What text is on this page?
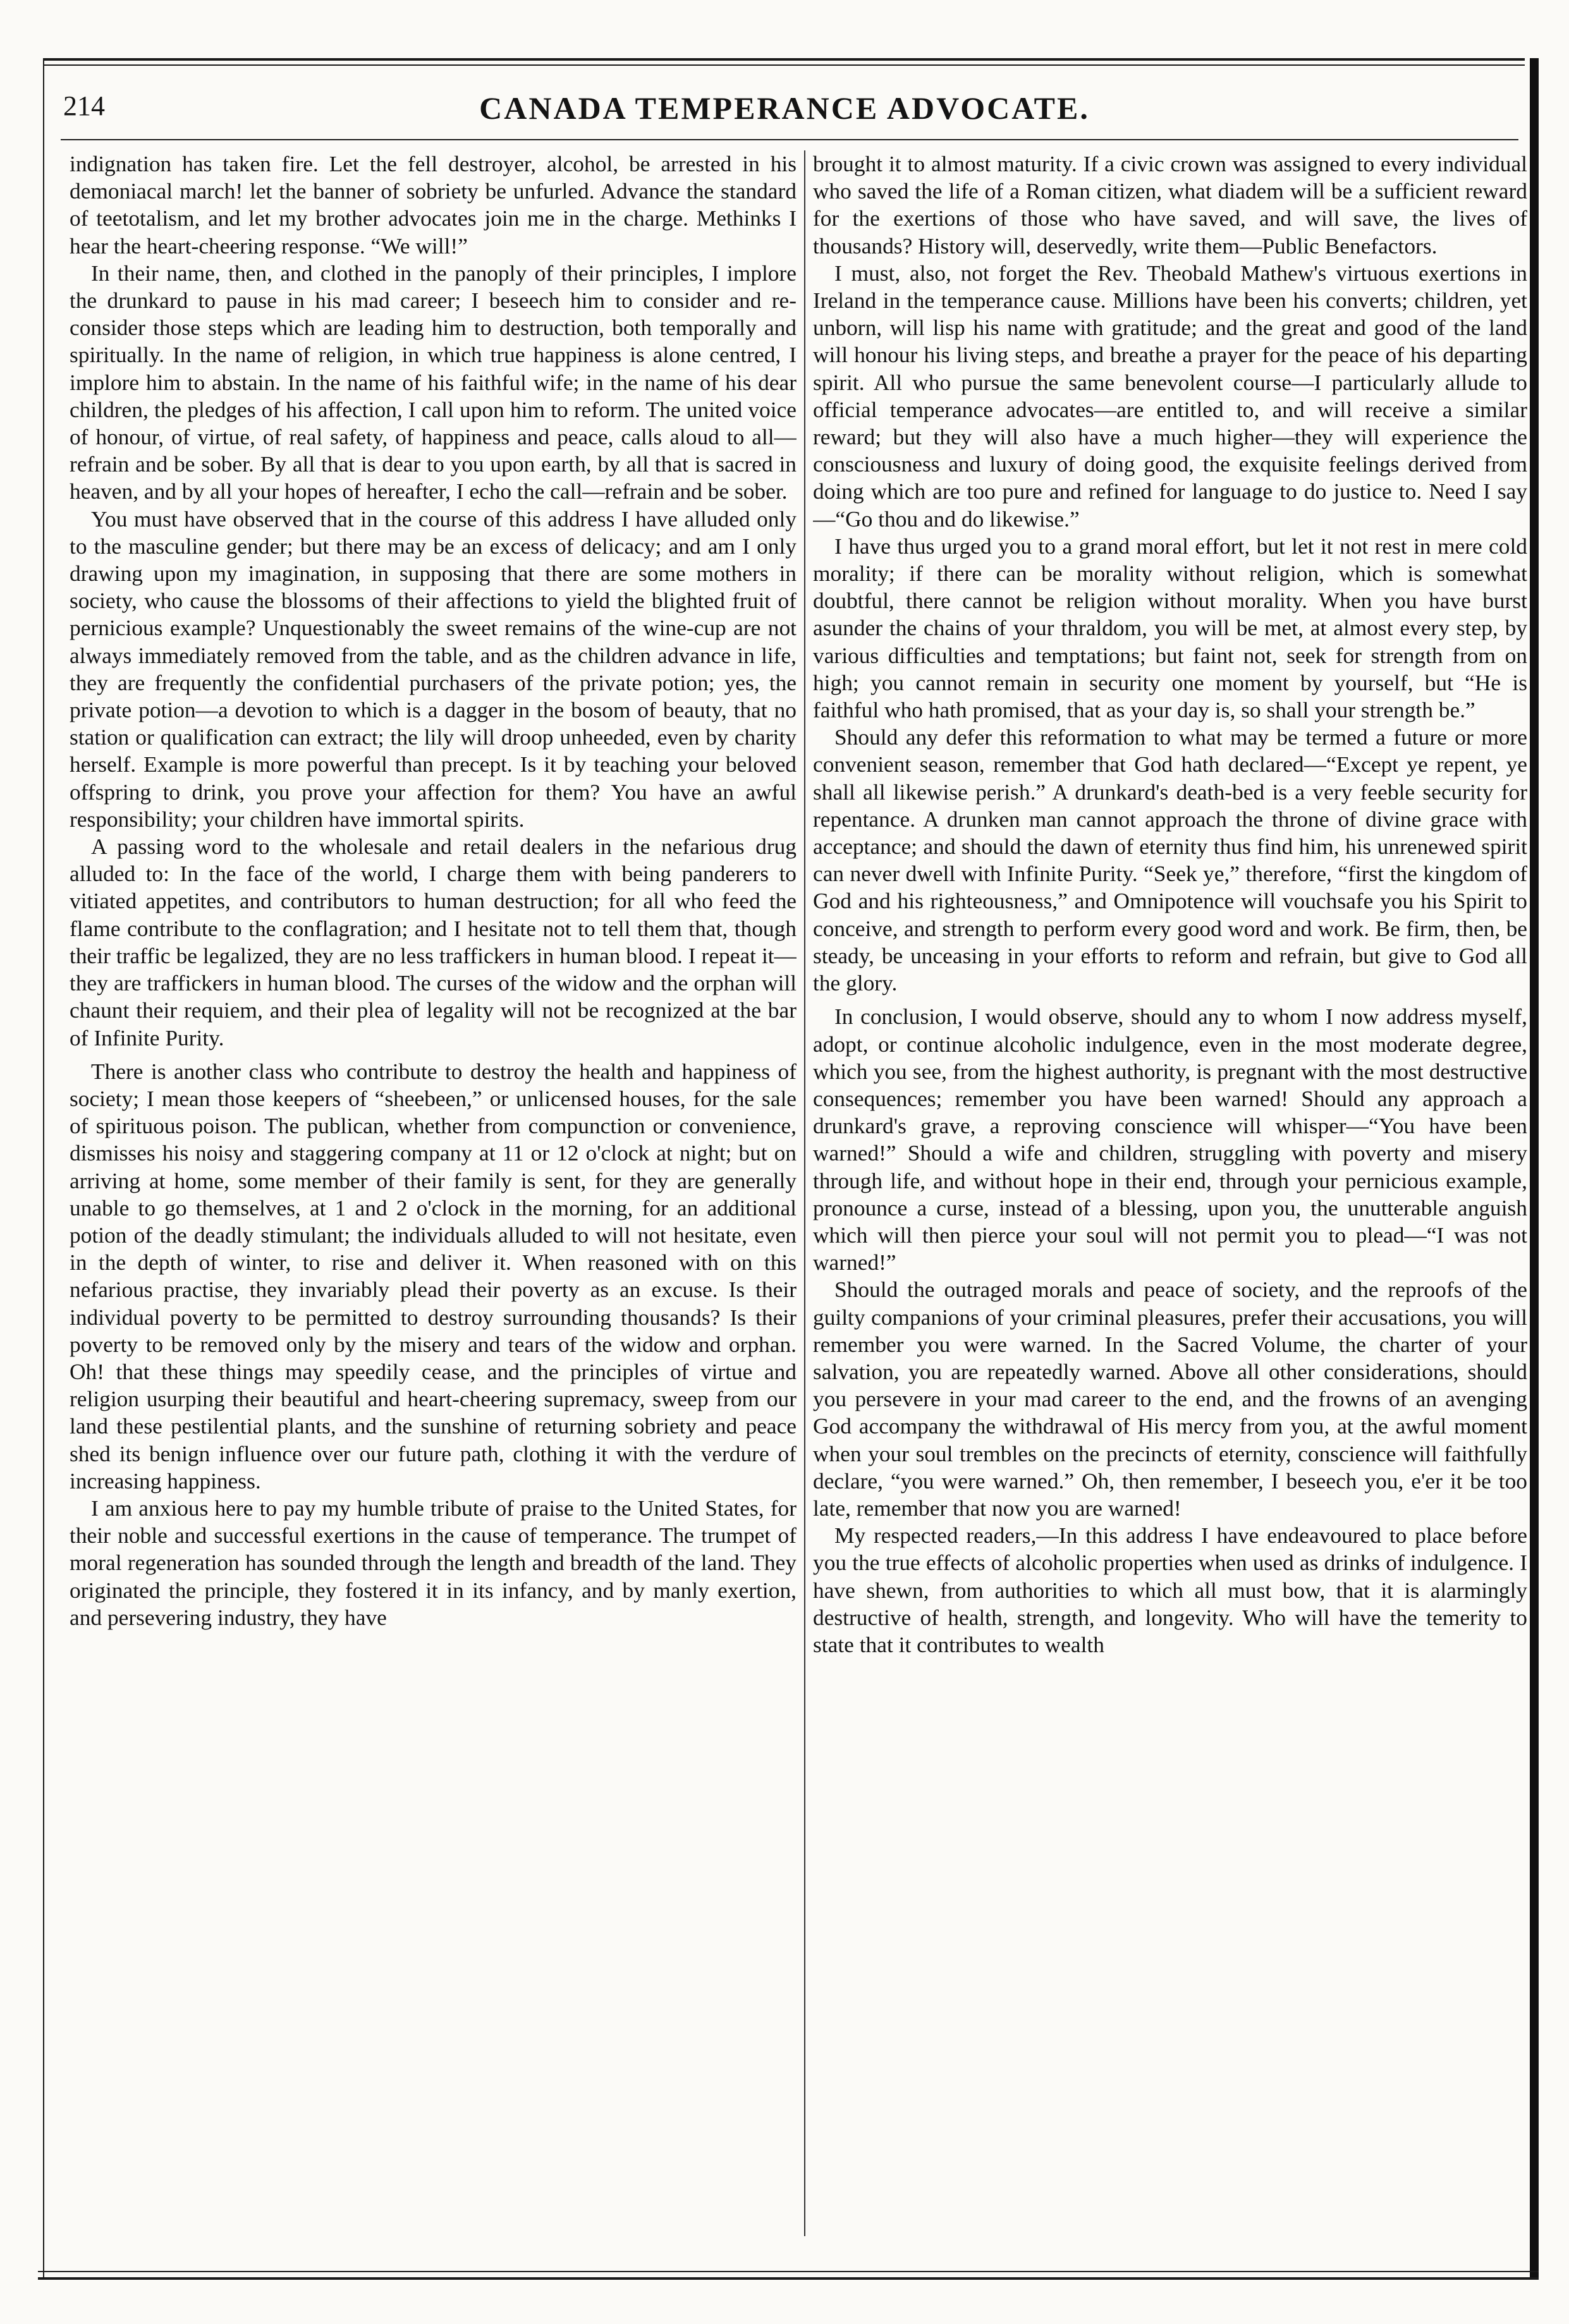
214	CANADA TEMPERANCE ADVOCATE.

indignation has taken fire. Let the fell destroyer, alcohol, be arrested in his demoniacal march! let the banner of sobriety be unfurled. Advance the standard of teetotalism, and let my brother advocates join me in the charge. Methinks I hear the heart-cheering response. “We will!”

In their name, then, and clothed in the panoply of their principles, I implore the drunkard to pause in his mad career; I beseech him to consider and re-consider those steps which are leading him to destruction, both temporally and spiritually. In the name of religion, in which true happiness is alone centred, I implore him to abstain. In the name of his faithful wife; in the name of his dear children, the pledges of his affection, I call upon him to reform. The united voice of honour, of virtue, of real safety, of happiness and peace, calls aloud to all—refrain and be sober. By all that is dear to you upon earth, by all that is sacred in heaven, and by all your hopes of hereafter, I echo the call—refrain and be sober.

You must have observed that in the course of this address I have alluded only to the masculine gender; but there may be an excess of delicacy; and am I only drawing upon my imagination, in supposing that there are some mothers in society, who cause the blossoms of their affections to yield the blighted fruit of pernicious example? Unquestionably the sweet remains of the wine-cup are not always immediately removed from the table, and as the children advance in life, they are frequently the confidential purchasers of the private potion; yes, the private potion—a devotion to which is a dagger in the bosom of beauty, that no station or qualification can extract; the lily will droop unheeded, even by charity herself. Example is more powerful than precept. Is it by teaching your beloved offspring to drink, you prove your affection for them? You have an awful responsibility; your children have immortal spirits.

A passing word to the wholesale and retail dealers in the nefarious drug alluded to: In the face of the world, I charge them with being panderers to vitiated appetites, and contributors to human destruction; for all who feed the flame contribute to the conflagration; and I hesitate not to tell them that, though their traffic be legalized, they are no less traffickers in human blood. I repeat it—they are traffickers in human blood. The curses of the widow and the orphan will chaunt their requiem, and their plea of legality will not be recognized at the bar of Infinite Purity.

There is another class who contribute to destroy the health and happiness of society; I mean those keepers of “sheebeen,” or unlicensed houses, for the sale of spirituous poison. The publican, whether from compunction or convenience, dismisses his noisy and staggering company at 11 or 12 o'clock at night; but on arriving at home, some member of their family is sent, for they are generally unable to go themselves, at 1 and 2 o'clock in the morning, for an additional potion of the deadly stimulant; the individuals alluded to will not hesitate, even in the depth of winter, to rise and deliver it. When reasoned with on this nefarious practise, they invariably plead their poverty as an excuse. Is their individual poverty to be permitted to destroy surrounding thousands? Is their poverty to be removed only by the misery and tears of the widow and orphan. Oh! that these things may speedily cease, and the principles of virtue and religion usurping their beautiful and heart-cheering supremacy, sweep from our land these pestilential plants, and the sunshine of returning sobriety and peace shed its benign influence over our future path, clothing it with the verdure of increasing happiness.

I am anxious here to pay my humble tribute of praise to the United States, for their noble and successful exertions in the cause of temperance. The trumpet of moral regeneration has sounded through the length and breadth of the land. They originated the principle, they fostered it in its infancy, and by manly exertion, and persevering industry, they have

brought it to almost maturity. If a civic crown was assigned to every individual who saved the life of a Roman citizen, what diadem will be a sufficient reward for the exertions of those who have saved, and will save, the lives of thousands? History will, deservedly, write them—Public Benefactors.

I must, also, not forget the Rev. Theobald Mathew's virtuous exertions in Ireland in the temperance cause. Millions have been his converts; children, yet unborn, will lisp his name with gratitude; and the great and good of the land will honour his living steps, and breathe a prayer for the peace of his departing spirit. All who pursue the same benevolent course—I particularly allude to official temperance advocates—are entitled to, and will receive a similar reward; but they will also have a much higher—they will experience the consciousness and luxury of doing good, the exquisite feelings derived from doing which are too pure and refined for language to do justice to. Need I say—“Go thou and do likewise.”

I have thus urged you to a grand moral effort, but let it not rest in mere cold morality; if there can be morality without religion, which is somewhat doubtful, there cannot be religion without morality. When you have burst asunder the chains of your thraldom, you will be met, at almost every step, by various difficulties and temptations; but faint not, seek for strength from on high; you cannot remain in security one moment by yourself, but “He is faithful who hath promised, that as your day is, so shall your strength be.”

Should any defer this reformation to what may be termed a future or more convenient season, remember that God hath declared—“Except ye repent, ye shall all likewise perish.” A drunkard's death-bed is a very feeble security for repentance. A drunken man cannot approach the throne of divine grace with acceptance; and should the dawn of eternity thus find him, his unrenewed spirit can never dwell with Infinite Purity. “Seek ye,” therefore, “first the kingdom of God and his righteousness,” and Omnipotence will vouchsafe you his Spirit to conceive, and strength to perform every good word and work. Be firm, then, be steady, be unceasing in your efforts to reform and refrain, but give to God all the glory.

In conclusion, I would observe, should any to whom I now address myself, adopt, or continue alcoholic indulgence, even in the most moderate degree, which you see, from the highest authority, is pregnant with the most destructive consequences; remember you have been warned! Should any approach a drunkard's grave, a reproving conscience will whisper—“You have been warned!” Should a wife and children, struggling with poverty and misery through life, and without hope in their end, through your pernicious example, pronounce a curse, instead of a blessing, upon you, the unutterable anguish which will then pierce your soul will not permit you to plead—“I was not warned!”

Should the outraged morals and peace of society, and the reproofs of the guilty companions of your criminal pleasures, prefer their accusations, you will remember you were warned. In the Sacred Volume, the charter of your salvation, you are repeatedly warned. Above all other considerations, should you persevere in your mad career to the end, and the frowns of an avenging God accompany the withdrawal of His mercy from you, at the awful moment when your soul trembles on the precincts of eternity, conscience will faithfully declare, “you were warned.” Oh, then remember, I beseech you, e'er it be too late, remember that now you are warned!

My respected readers,—In this address I have endeavoured to place before you the true effects of alcoholic properties when used as drinks of indulgence. I have shewn, from authorities to which all must bow, that it is alarmingly destructive of health, strength, and longevity. Who will have the temerity to state that it contributes to wealth
